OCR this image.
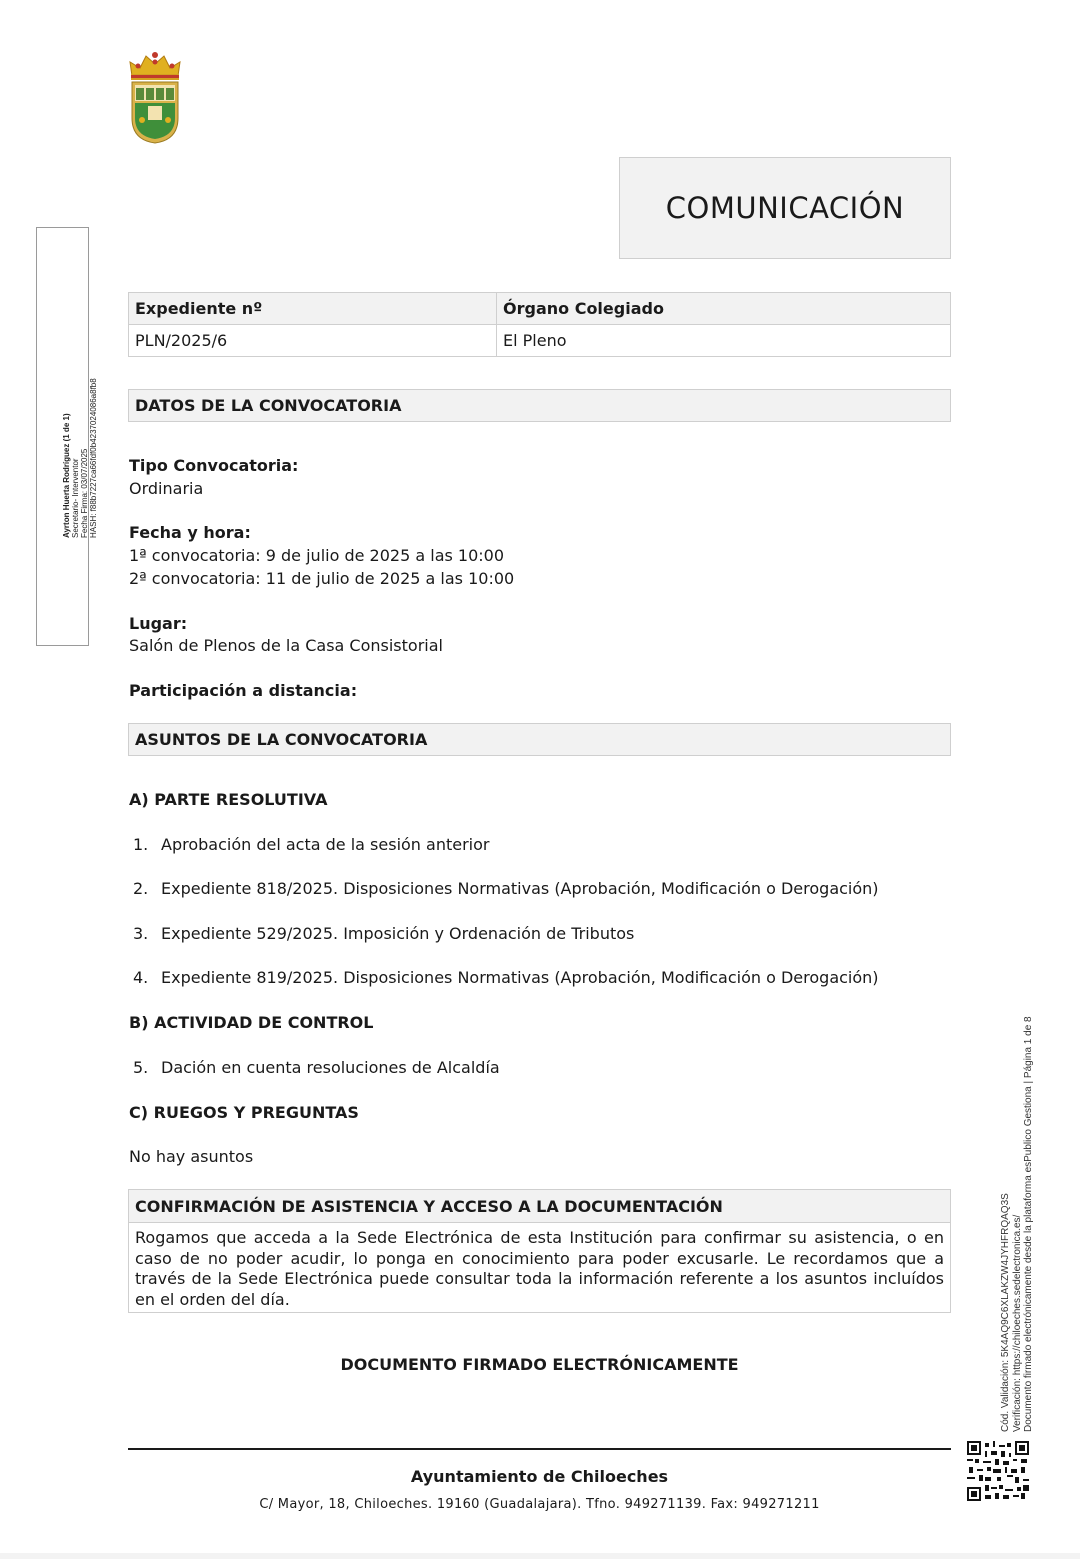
COMUNICACIÓN
Ayrton Huerta Rodríguez (1 de 1) Secretario- Interventor Fecha Firma: 03/07/2025 HASH: f88b7227ca66fdf0b4237024086a8fb8
Cód. Validación: 5K4AQ9C6XLAKZW4JYHFRQAQ3S Verificación: https://chiloeches.sedelectronica.es/ Documento firmado electrónicamente desde la plataforma esPublico Gestiona | Página 1 de 8
Expediente nº	Órgano Colegiado
PLN/2025/6	El Pleno
DATOS DE LA CONVOCATORIA
Tipo Convocatoria:
Ordinaria
Fecha y hora:
1ª convocatoria: 9 de julio de 2025 a las 10:00
2ª convocatoria: 11 de julio de 2025 a las 10:00
Lugar:
Salón de Plenos de la Casa Consistorial
Participación a distancia:
ASUNTOS DE LA CONVOCATORIA
A) PARTE RESOLUTIVA
1. Aprobación del acta de la sesión anterior
2. Expediente 818/2025. Disposiciones Normativas (Aprobación, Modificación o Derogación)
3. Expediente 529/2025. Imposición y Ordenación de Tributos
4. Expediente 819/2025. Disposiciones Normativas (Aprobación, Modificación o Derogación)
B) ACTIVIDAD DE CONTROL
5. Dación en cuenta resoluciones de Alcaldía
C) RUEGOS Y PREGUNTAS
No hay asuntos
CONFIRMACIÓN DE ASISTENCIA Y ACCESO A LA DOCUMENTACIÓN
Rogamos que acceda a la Sede Electrónica de esta Institución para confirmar su asistencia, o en caso de no poder acudir, lo ponga en conocimiento para poder excusarle. Le recordamos que a través de la Sede Electrónica puede consultar toda la información referente a los asuntos incluídos en el orden del día.
DOCUMENTO FIRMADO ELECTRÓNICAMENTE
Ayuntamiento de Chiloeches
C/ Mayor, 18, Chiloeches. 19160 (Guadalajara). Tfno. 949271139. Fax: 949271211
